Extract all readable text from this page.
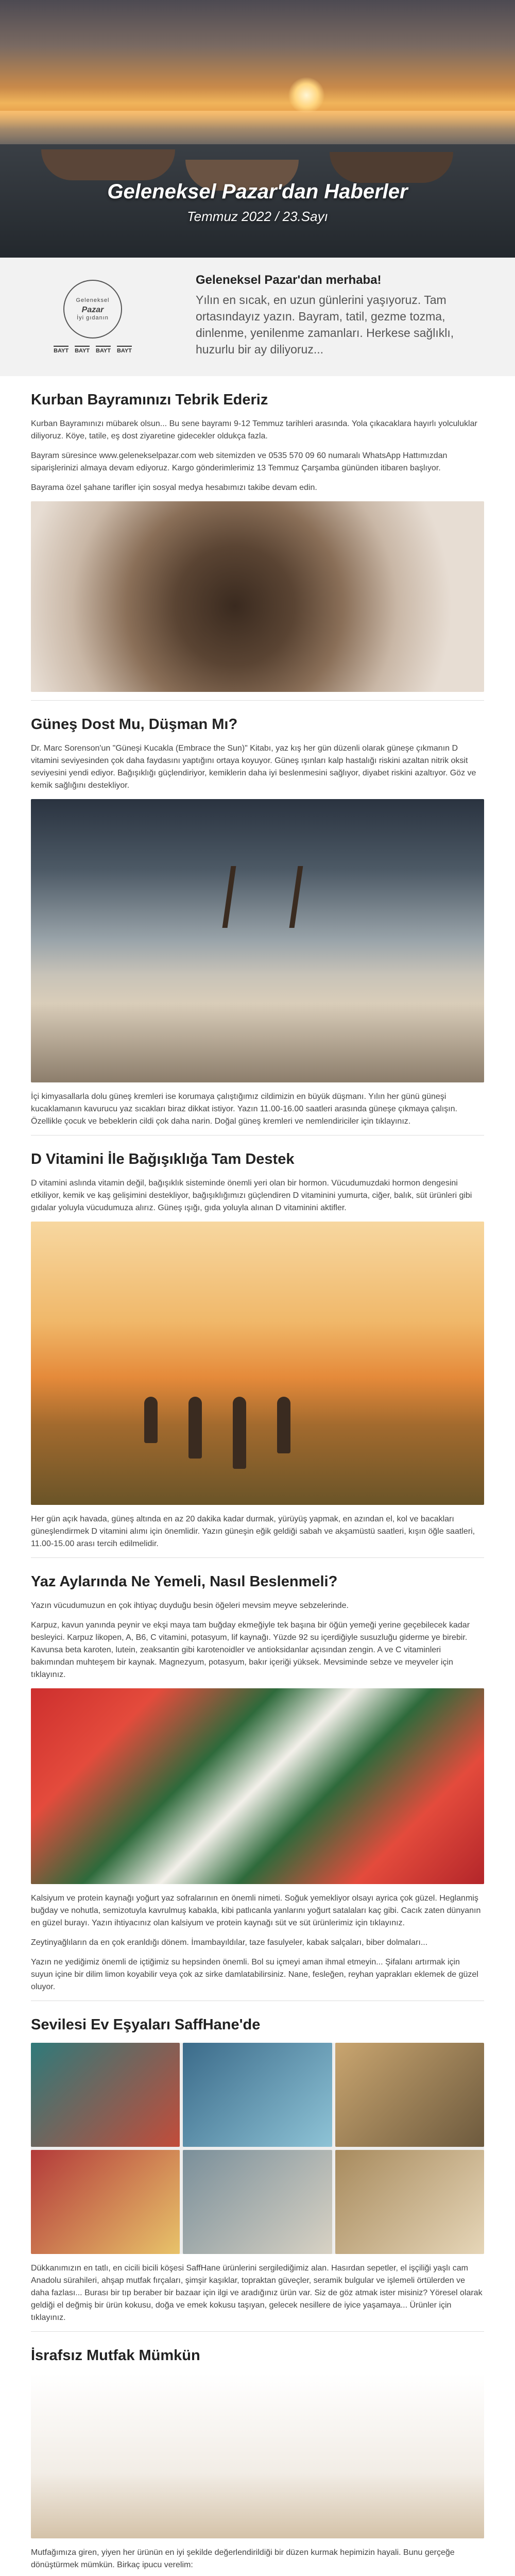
Geleneksel Pazar'dan Haberler
Temmuz 2022 / 23.Sayı
Geleneksel
Pazar
İyi gıdanın
BAYT BAYT BAYT BAYT
Geleneksel Pazar'dan merhaba!
Yılın en sıcak, en uzun günlerini yaşıyoruz. Tam ortasındayız yazın. Bayram, tatil, gezme tozma, dinlenme, yenilenme zamanları. Herkese sağlıklı, huzurlu bir ay diliyoruz...
Kurban Bayramınızı Tebrik Ederiz
Kurban Bayramınızı mübarek olsun... Bu sene bayramı 9-12 Temmuz tarihleri arasında. Yola çıkacaklara hayırlı yolculuklar diliyoruz. Köye, tatile, eş dost ziyaretine gidecekler oldukça fazla.
Bayram süresince www.gelenekselpazar.com web sitemizden ve 0535 570 09 60 numaralı WhatsApp Hattımızdan siparişlerinizi almaya devam ediyoruz. Kargo gönderimlerimiz 13 Temmuz Çarşamba gününden itibaren başlıyor.
Bayrama özel şahane tarifler için sosyal medya hesabımızı takibe devam edin.
Güneş Dost Mu, Düşman Mı?
Dr. Marc Sorenson'un "Güneşi Kucakla (Embrace the Sun)" Kitabı, yaz kış her gün düzenli olarak güneşe çıkmanın D vitamini seviyesinden çok daha faydasını yaptığını ortaya koyuyor. Güneş ışınları kalp hastalığı riskini azaltan nitrik oksit seviyesini yendi ediyor. Bağışıklığı güçlendiriyor, kemiklerin daha iyi beslenmesini sağlıyor, diyabet riskini azaltıyor. Göz ve kemik sağlığını destekliyor.
İçi kimyasallarla dolu güneş kremleri ise korumaya çalıştığımız cildimizin en büyük düşmanı. Yılın her günü güneşi kucaklamanın kavurucu yaz sıcakları biraz dikkat istiyor. Yazın 11.00-16.00 saatleri arasında güneşe çıkmaya çalışın. Özellikle çocuk ve bebeklerin cildi çok daha narin. Doğal güneş kremleri ve nemlendiriciler için tıklayınız.
D Vitamini İle Bağışıklığa Tam Destek
D vitamini aslında vitamin değil, bağışıklık sisteminde önemli yeri olan bir hormon. Vücudumuzdaki hormon dengesini etkiliyor, kemik ve kaş gelişimini destekliyor, bağışıklığımızı güçlendiren D vitaminini yumurta, ciğer, balık, süt ürünleri gibi gıdalar yoluyla vücudumuza alırız. Güneş ışığı, gıda yoluyla alınan D vitaminini aktifler.
Her gün açık havada, güneş altında en az 20 dakika kadar durmak, yürüyüş yapmak, en azından el, kol ve bacakları güneşlendirmek D vitamini alımı için önemlidir. Yazın güneşin eğik geldiği sabah ve akşamüstü saatleri, kışın öğle saatleri, 11.00-15.00 arası tercih edilmelidir.
Yaz Aylarında Ne Yemeli, Nasıl Beslenmeli?
Yazın vücudumuzun en çok ihtiyaç duyduğu besin öğeleri mevsim meyve sebzelerinde.
Karpuz, kavun yanında peynir ve ekşi maya tam buğday ekmeğiyle tek başına bir öğün yemeği yerine geçebilecek kadar besleyici. Karpuz likopen, A, B6, C vitamini, potasyum, lif kaynağı. Yüzde 92 su içerdiğiyle susuzluğu giderme ye birebir. Kavunsa beta karoten, lutein, zeaksantin gibi karotenoidler ve antioksidanlar açısından zengin. A ve C vitaminleri bakımından muhteşem bir kaynak. Magnezyum, potasyum, bakır içeriği yüksek. Mevsiminde sebze ve meyveler için tıklayınız.
Kalsiyum ve protein kaynağı yoğurt yaz sofralarının en önemli nimeti. Soğuk yemekliyor olsayı ayrica çok güzel. Heglanmiş buğday ve nohutla, semizotuyla kavrulmuş kabakla, kibi patlıcanla yanlarını yoğurt satalaları kaç gibi. Cacık zaten dünyanın en güzel burayı. Yazın ihtiyacınız olan kalsiyum ve protein kaynağı süt ve süt ürünlerimiz için tıklayınız.
Zeytinyağlıların da en çok eranldığı dönem. İmambayıldılar, taze fasulyeler, kabak salçaları, biber dolmaları...
Yazın ne yediğimiz önemli de içtiğimiz su hepsinden önemli. Bol su içmeyi aman ihmal etmeyin... Şifalanı artırmak için suyun içine bir dilim limon koyabilir veya çok az sirke damlatabilirsiniz. Nane, fesleğen, reyhan yaprakları eklemek de güzel oluyor.
Sevilesi Ev Eşyaları SaffHane'de
Dükkanımızın en tatlı, en cicili bicili köşesi SaffHane ürünlerini sergilediğimiz alan. Hasırdan sepetler, el işçiliği yaşlı cam Anadolu sürahileri, ahşap mutfak fırçaları, şimşir kaşıklar, topraktan güveçler, seramik bulgular ve işlemeli örtülerden ve daha fazlası... Burası bir tıp beraber bir bazaar için ilgi ve aradığınız ürün var. Siz de göz atmak ister misiniz? Yöresel olarak geldiği el değmiş bir ürün kokusu, doğa ve emek kokusu taşıyan, gelecek nesillere de iyice yaşamaya... Ürünler için tıklayınız.
İsrafsız Mutfak Mümkün
Mutfağımıza giren, yiyen her ürünün en iyi şekilde değerlendirildiği bir düzen kurmak hepimizin hayali. Bunu gerçeğe dönüştürmek mümkün. Birkaç ipucu verelim:
